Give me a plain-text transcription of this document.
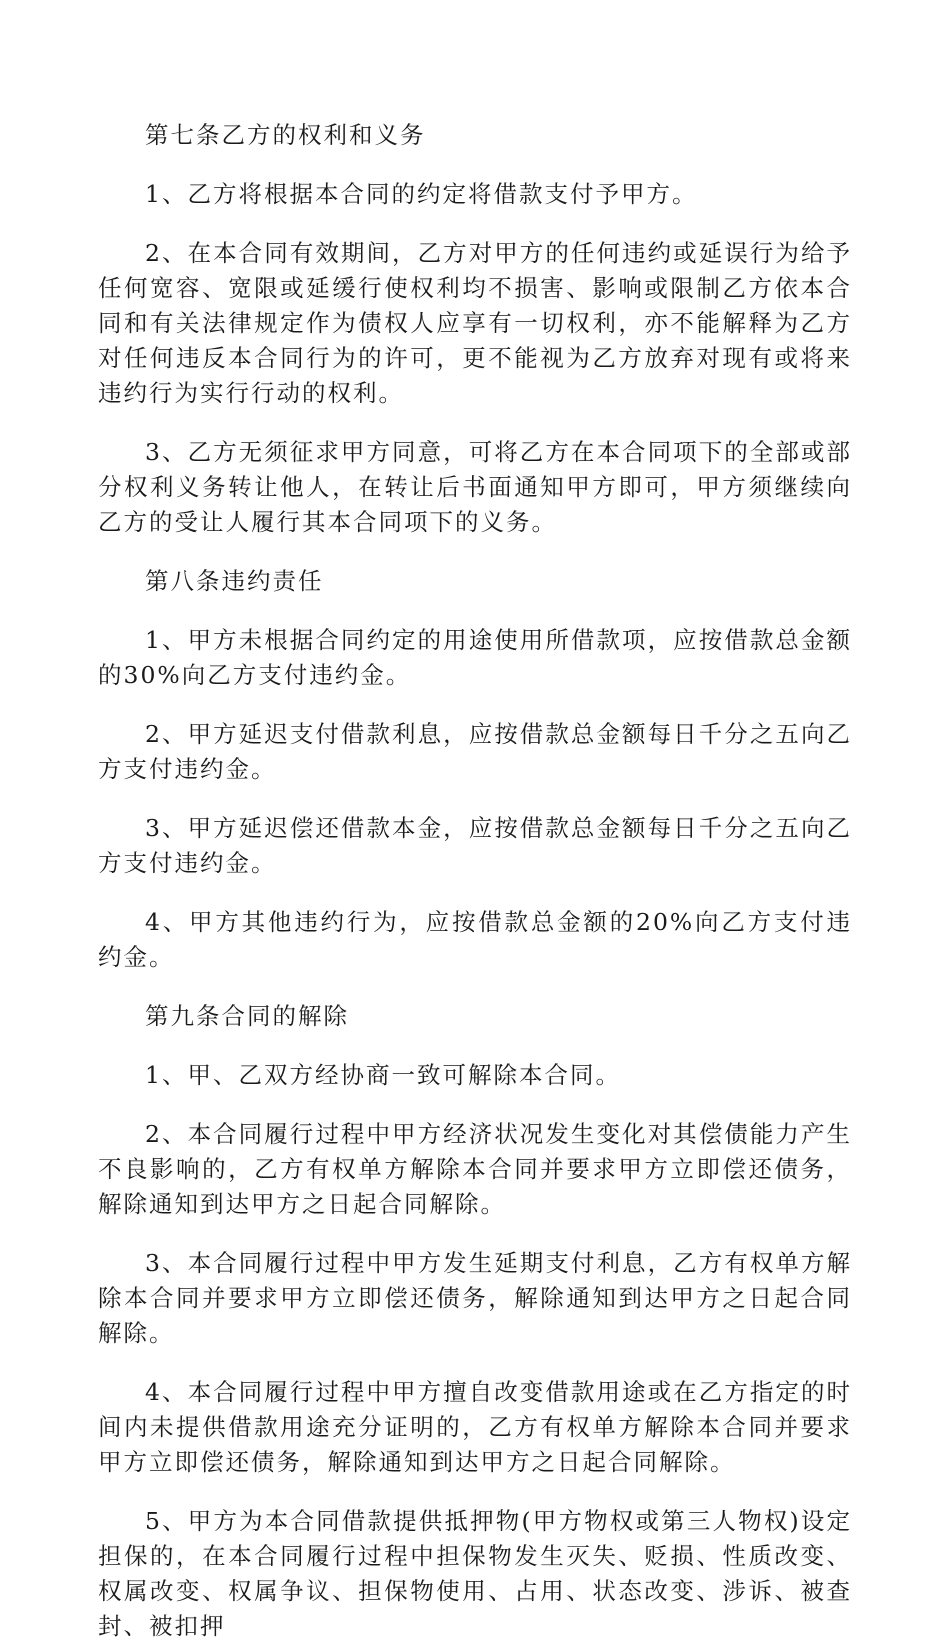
第七条乙方的权利和义务

1、乙方将根据本合同的约定将借款支付予甲方。

2、在本合同有效期间，乙方对甲方的任何违约或延误行为给予任何宽容、宽限或延缓行使权利均不损害、影响或限制乙方依本合同和有关法律规定作为债权人应享有一切权利，亦不能解释为乙方对任何违反本合同行为的许可，更不能视为乙方放弃对现有或将来违约行为实行行动的权利。

3、乙方无须征求甲方同意，可将乙方在本合同项下的全部或部分权利义务转让他人，在转让后书面通知甲方即可，甲方须继续向乙方的受让人履行其本合同项下的义务。

第八条违约责任

1、甲方未根据合同约定的用途使用所借款项，应按借款总金额的30%向乙方支付违约金。

2、甲方延迟支付借款利息，应按借款总金额每日千分之五向乙方支付违约金。

3、甲方延迟偿还借款本金，应按借款总金额每日千分之五向乙方支付违约金。

4、甲方其他违约行为，应按借款总金额的20%向乙方支付违约金。

第九条合同的解除

1、甲、乙双方经协商一致可解除本合同。

2、本合同履行过程中甲方经济状况发生变化对其偿债能力产生不良影响的，乙方有权单方解除本合同并要求甲方立即偿还债务，解除通知到达甲方之日起合同解除。

3、本合同履行过程中甲方发生延期支付利息，乙方有权单方解除本合同并要求甲方立即偿还债务，解除通知到达甲方之日起合同解除。

4、本合同履行过程中甲方擅自改变借款用途或在乙方指定的时间内未提供借款用途充分证明的，乙方有权单方解除本合同并要求甲方立即偿还债务，解除通知到达甲方之日起合同解除。

5、甲方为本合同借款提供抵押物(甲方物权或第三人物权)设定担保的，在本合同履行过程中担保物发生灭失、贬损、性质改变、权属改变、权属争议、担保物使用、占用、状态改变、涉诉、被查封、被扣押
